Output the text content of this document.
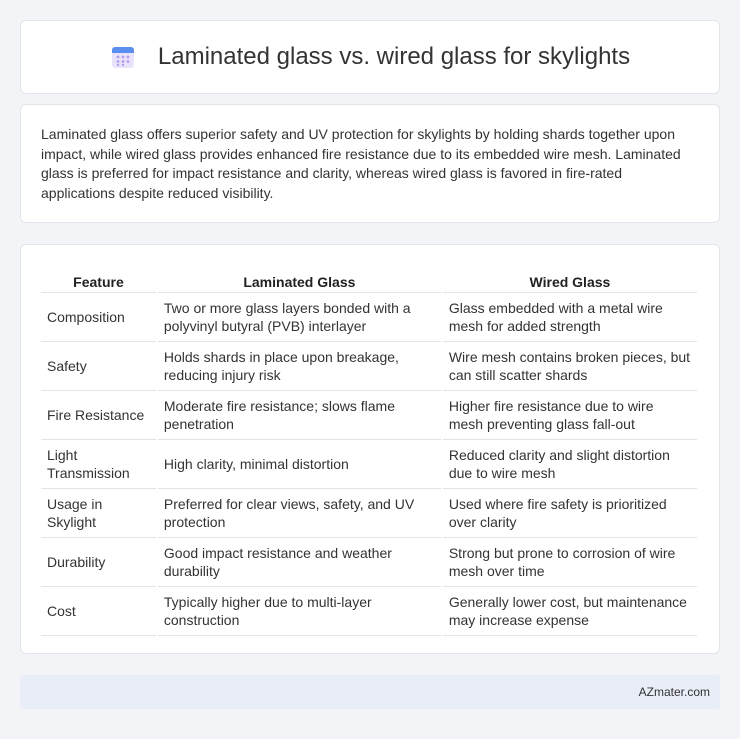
Laminated glass vs. wired glass for skylights

Laminated glass offers superior safety and UV protection for skylights by holding shards together upon impact, while wired glass provides enhanced fire resistance due to its embedded wire mesh. Laminated glass is preferred for impact resistance and clarity, whereas wired glass is favored in fire-rated applications despite reduced visibility.

Feature	Laminated Glass	Wired Glass
Composition	Two or more glass layers bonded with a polyvinyl butyral (PVB) interlayer	Glass embedded with a metal wire mesh for added strength
Safety	Holds shards in place upon breakage, reducing injury risk	Wire mesh contains broken pieces, but can still scatter shards
Fire Resistance	Moderate fire resistance; slows flame penetration	Higher fire resistance due to wire mesh preventing glass fall-out
Light Transmission	High clarity, minimal distortion	Reduced clarity and slight distortion due to wire mesh
Usage in Skylight	Preferred for clear views, safety, and UV protection	Used where fire safety is prioritized over clarity
Durability	Good impact resistance and weather durability	Strong but prone to corrosion of wire mesh over time
Cost	Typically higher due to multi-layer construction	Generally lower cost, but maintenance may increase expense
AZmater.com
